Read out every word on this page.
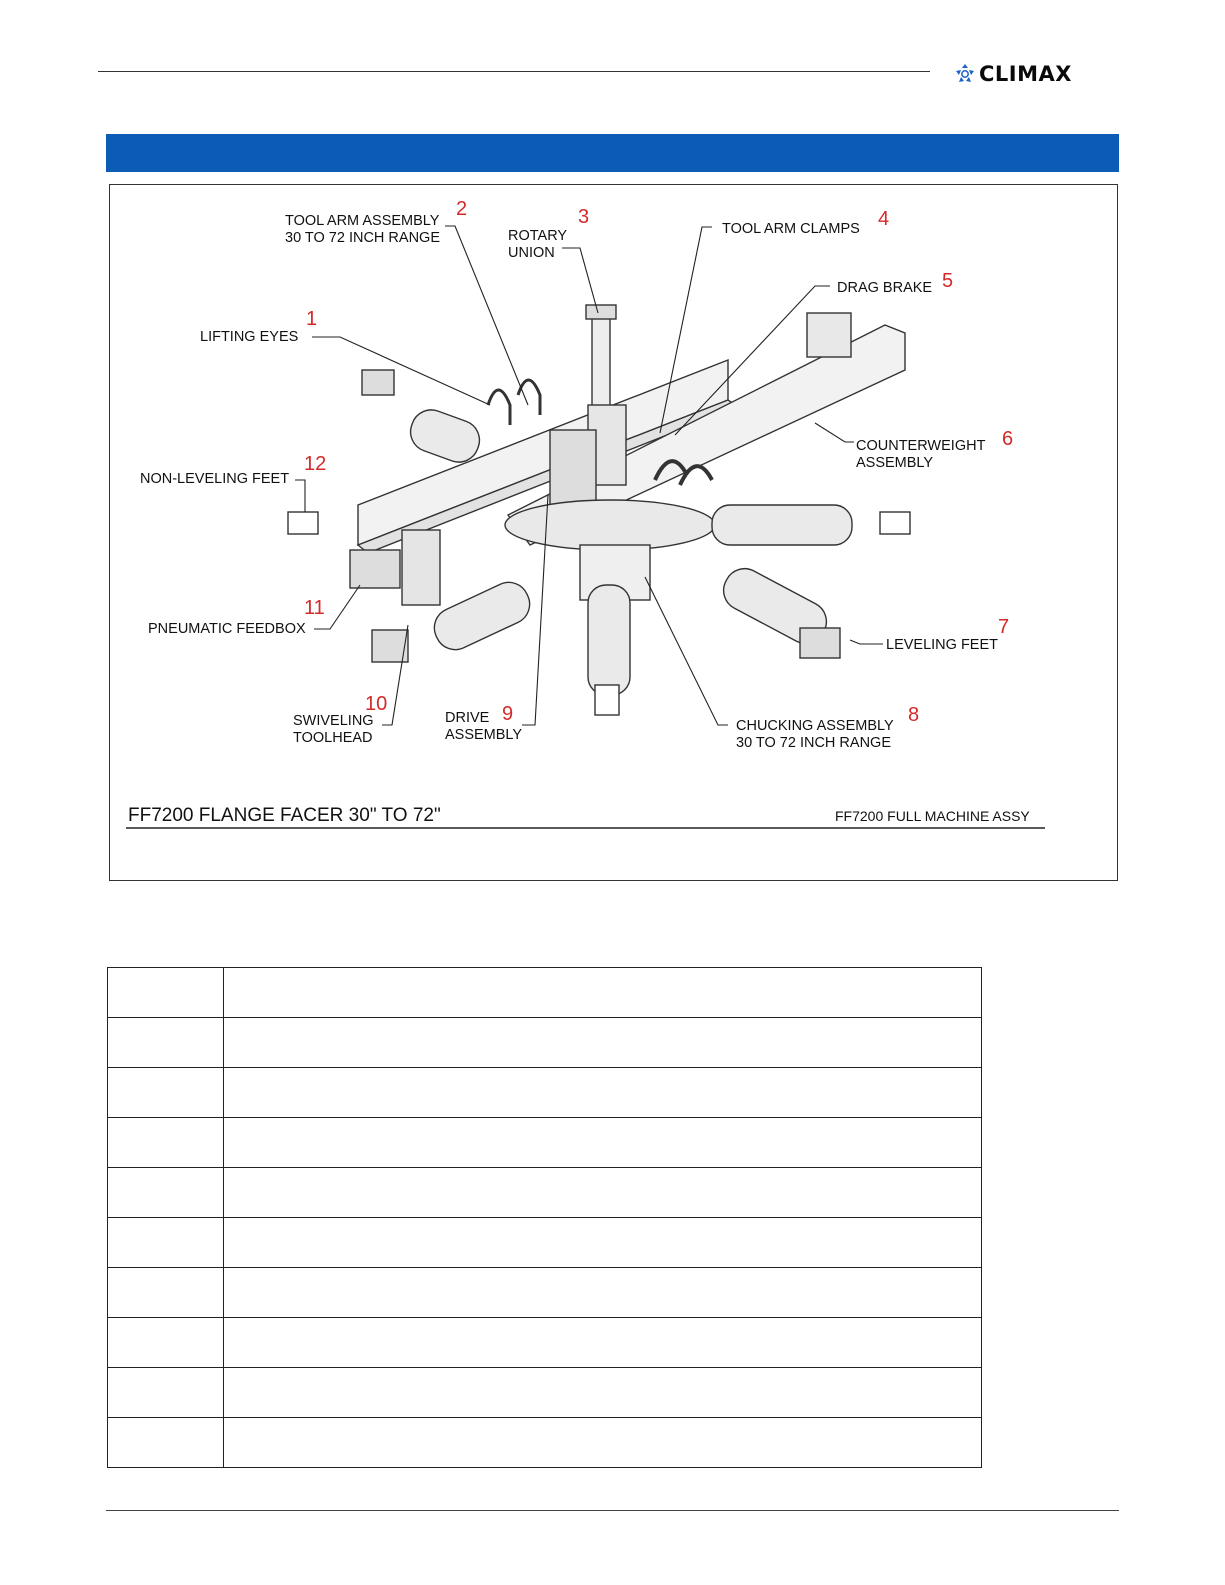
CLIMAX
LIFTING EYES
1
TOOL ARM ASSEMBLY
30 TO 72 INCH RANGE
2
ROTARY
UNION
3
TOOL ARM CLAMPS 4
DRAG BRAKE 5
COUNTERWEIGHT
ASSEMBLY
6
LEVELING FEET
7
CHUCKING ASSEMBLY
30 TO 72 INCH RANGE
8
DRIVE
ASSEMBLY
9
SWIVELING
TOOLHEAD
10
PNEUMATIC FEEDBOX
11
NON-LEVELING FEET
12
FF7200 FLANGE FACER 30" TO 72"	FF7200 FULL MACHINE ASSY
